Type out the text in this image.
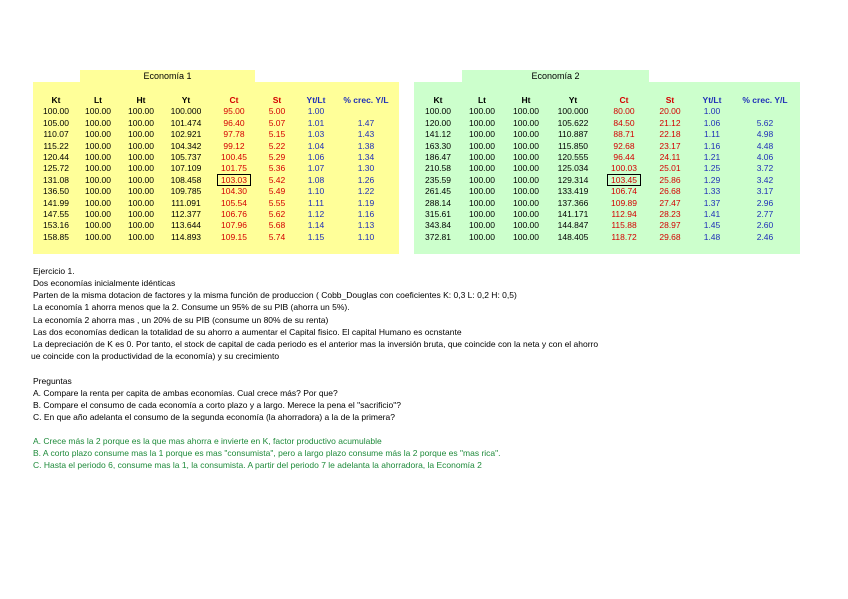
Economía 1
Kt	Lt	Ht	Yt	Ct	St	Yt/Lt	% crec. Y/L
100.00	100.00	100.00	100.000	95.00	5.00	1.00	
105.00	100.00	100.00	101.474	96.40	5.07	1.01	1.47
110.07	100.00	100.00	102.921	97.78	5.15	1.03	1.43
115.22	100.00	100.00	104.342	99.12	5.22	1.04	1.38
120.44	100.00	100.00	105.737	100.45	5.29	1.06	1.34
125.72	100.00	100.00	107.109	101.75	5.36	1.07	1.30
131.08	100.00	100.00	108.458	103.03	5.42	1.08	1.26
136.50	100.00	100.00	109.785	104.30	5.49	1.10	1.22
141.99	100.00	100.00	111.091	105.54	5.55	1.11	1.19
147.55	100.00	100.00	112.377	106.76	5.62	1.12	1.16
153.16	100.00	100.00	113.644	107.96	5.68	1.14	1.13
158.85	100.00	100.00	114.893	109.15	5.74	1.15	1.10
Economía 2
Kt	Lt	Ht	Yt	Ct	St	Yt/Lt	% crec. Y/L
100.00	100.00	100.00	100.000	80.00	20.00	1.00	
120.00	100.00	100.00	105.622	84.50	21.12	1.06	5.62
141.12	100.00	100.00	110.887	88.71	22.18	1.11	4.98
163.30	100.00	100.00	115.850	92.68	23.17	1.16	4.48
186.47	100.00	100.00	120.555	96.44	24.11	1.21	4.06
210.58	100.00	100.00	125.034	100.03	25.01	1.25	3.72
235.59	100.00	100.00	129.314	103.45	25.86	1.29	3.42
261.45	100.00	100.00	133.419	106.74	26.68	1.33	3.17
288.14	100.00	100.00	137.366	109.89	27.47	1.37	2.96
315.61	100.00	100.00	141.171	112.94	28.23	1.41	2.77
343.84	100.00	100.00	144.847	115.88	28.97	1.45	2.60
372.81	100.00	100.00	148.405	118.72	29.68	1.48	2.46
Ejercicio 1.
Dos economías inicialmente idénticas
Parten de la misma dotacion de factores y la misma función de produccion ( Cobb_Douglas con coeficientes K: 0,3 L: 0,2 H: 0,5)
La economía 1 ahorra menos que la 2. Consume un 95% de su PIB (ahorra un 5%).
La economía 2 ahorra mas , un 20% de su PIB (consume un 80% de su renta)
Las dos economías dedican la totalidad de su ahorro a aumentar el Capital fisico. El capital Humano es ocnstante
La depreciación de K es 0. Por tanto, el stock de capital de cada periodo es el anterior mas la inversión bruta, que coincide con la neta y con el ahorro
ue coincide con la productividad de la economía) y su crecimiento
Preguntas
A. Compare la renta per capita de ambas economías. Cual crece más? Por que?
B. Compare el consumo de cada economía a corto plazo y a largo. Merece la pena el "sacrificio"?
C. En que año adelanta el consumo de la segunda economía (la ahorradora) a la de la primera?
A. Crece más la 2 porque es la que mas ahorra e invierte en K, factor productivo acumulable
B. A corto plazo consume mas la 1 porque es mas "consumista", pero a largo plazo consume más la 2 porque es "mas rica".
C. Hasta el periodo 6, consume mas la 1, la consumista. A partir del periodo 7 le adelanta la ahorradora, la Economía 2
